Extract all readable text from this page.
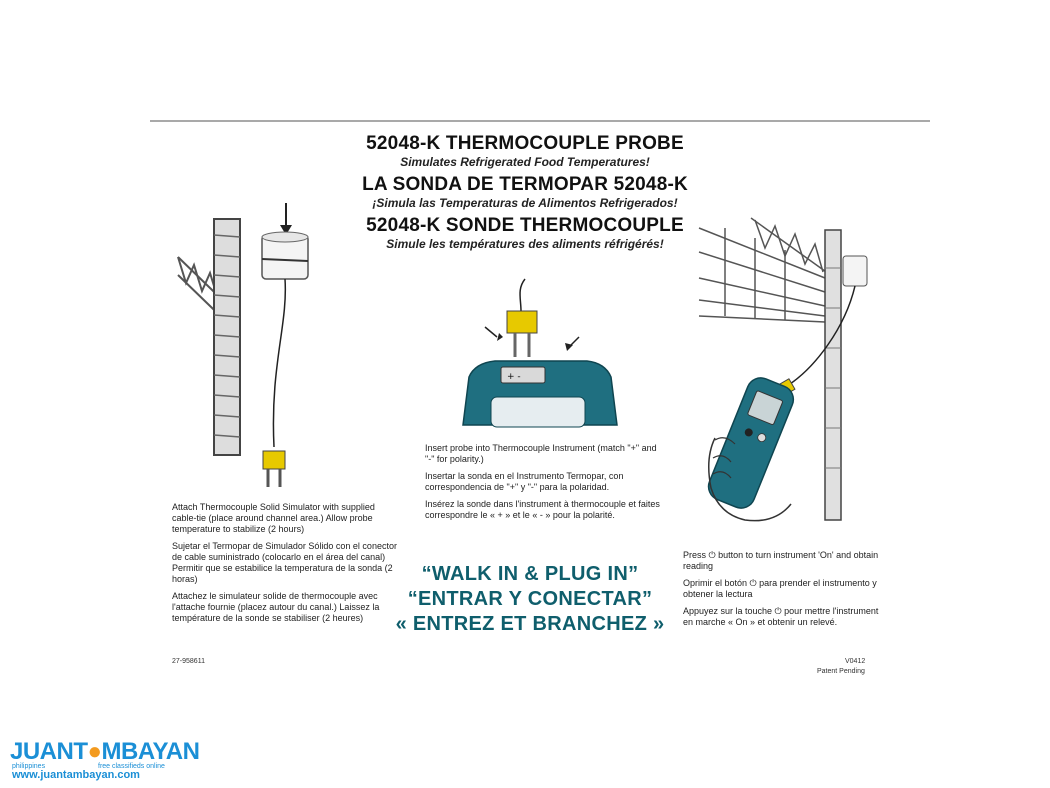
52048-K THERMOCOUPLE PROBE
Simulates Refrigerated Food Temperatures!
LA SONDA DE TERMOPAR 52048-K
¡Simula las Temperaturas de Alimentos Refrigerados!
52048-K SONDE THERMOCOUPLE
Simule les températures des aliments réfrigérés!

Attach Thermocouple Solid Simulator with supplied cable-tie (place around channel area.) Allow probe temperature to stabilize (2 hours)

Sujetar el Termopar de Simulador Sólido con el conector de cable suministrado (colocarlo en el área del canal) Permitir que se estabilice la temperatura de la sonda (2 horas)

Attachez le simulateur solide de thermocouple avec l'attache fournie (placez autour du canal.) Laissez la température de la sonde se stabiliser (2 heures)

27-958611
+ -

Insert probe into Thermocouple Instrument (match "+" and "-" for polarity.)

Insertar la sonda en el Instrumento Termopar, con correspondencia de "+" y "-" para la polaridad.

Insérez la sonde dans l'instrument à thermocouple et faites correspondre le « + » et le « - » pour la polarité.

“WALK IN & PLUG IN”
“ENTRAR Y CONECTAR”
« ENTREZ ET BRANCHEZ »

Press ⏻ button to turn instrument 'On' and obtain reading

Oprimir el botón ⏻ para prender el instrumento y obtener la lectura

Appuyez sur la touche ⏻ pour mettre l'instrument en marche « On » et obtenir un relevé.

V0412
Patent Pending
JUANT●MBAYAN
philippines	free classifieds online
www.juantambayan.com
